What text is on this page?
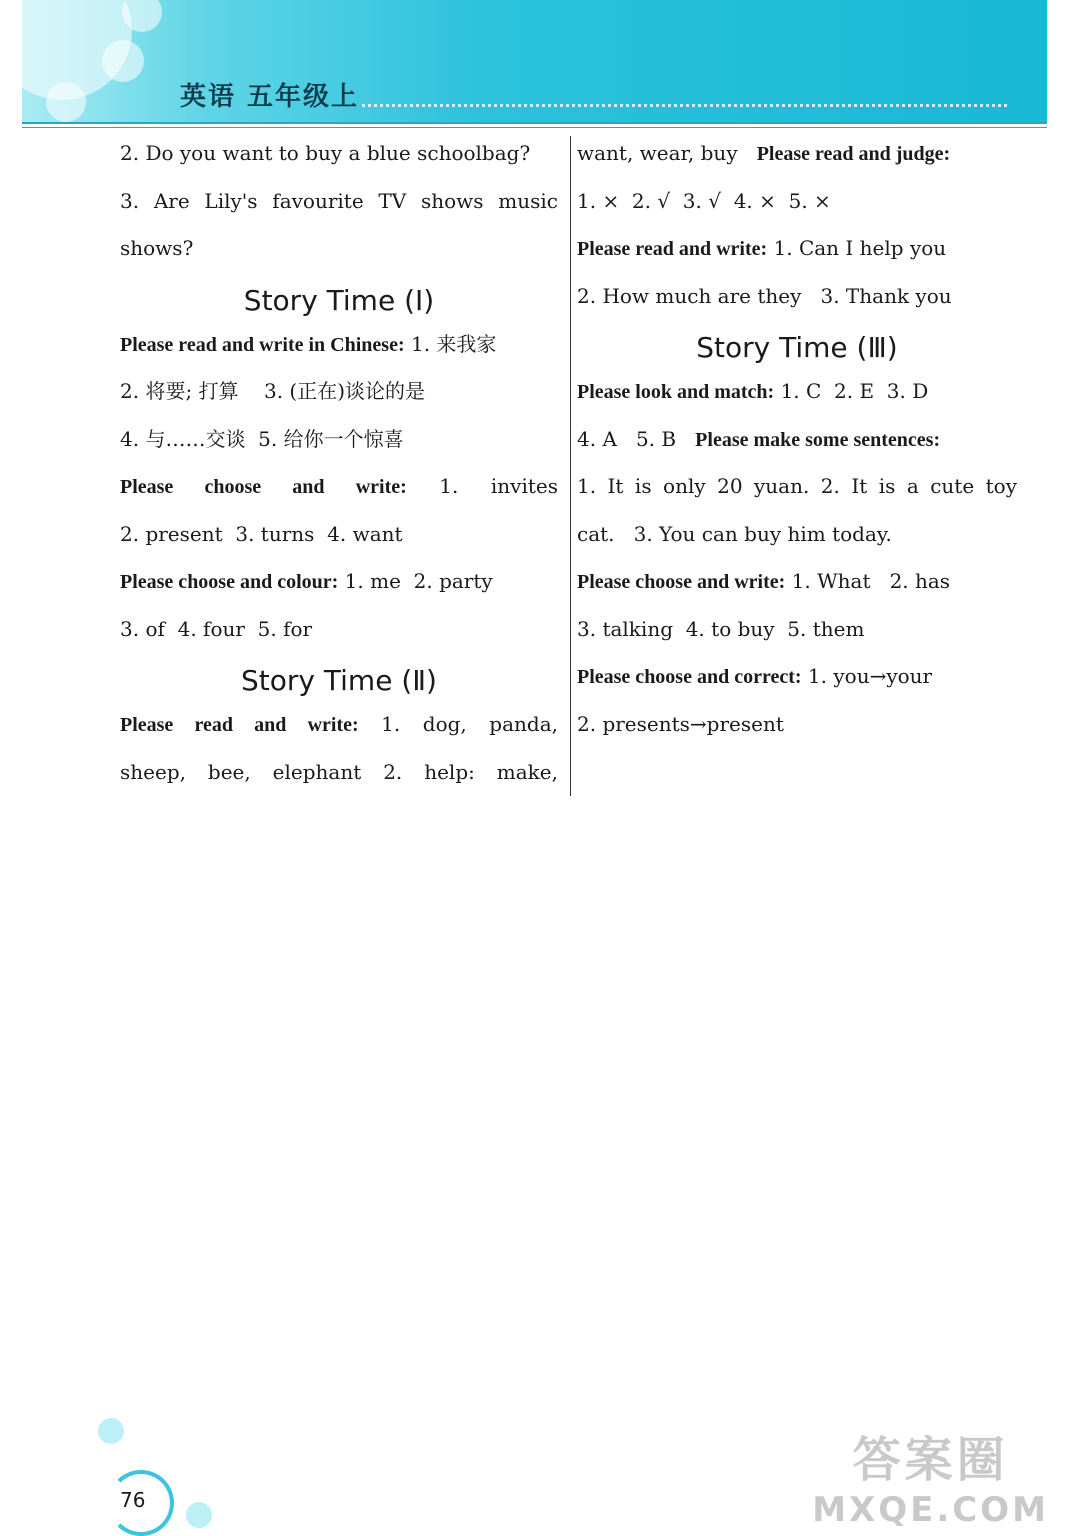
英语 五年级上
2. Do you want to buy a blue schoolbag?
3. Are Lily's favourite TV shows music
shows?
Story Time (Ⅰ)
Please read and write in Chinese: 1. 来我家
2. 将要; 打算    3. (正在)谈论的是
4. 与……交谈  5. 给你一个惊喜
Please choose and write: 1. invites
2. present  3. turns  4. want
Please choose and colour: 1. me  2. party
3. of  4. four  5. for
Story Time (Ⅱ)
Please read and write: 1. dog, panda,
sheep, bee, elephant 2. help: make,
want, wear, buy   Please read and judge:
1. ×  2. √  3. √  4. ×  5. ×
Please read and write: 1. Can I help you
2. How much are they   3. Thank you
Story Time (Ⅲ)
Please look and match: 1. C  2. E  3. D
4. A   5. B   Please make some sentences:
1. It is only 20 yuan. 2. It is a cute toy
cat.   3. You can buy him today.
Please choose and write: 1. What   2. has
3. talking  4. to buy  5. them
Please choose and correct: 1. you→your
2. presents→present
76
答案圈
MXQE.COM
